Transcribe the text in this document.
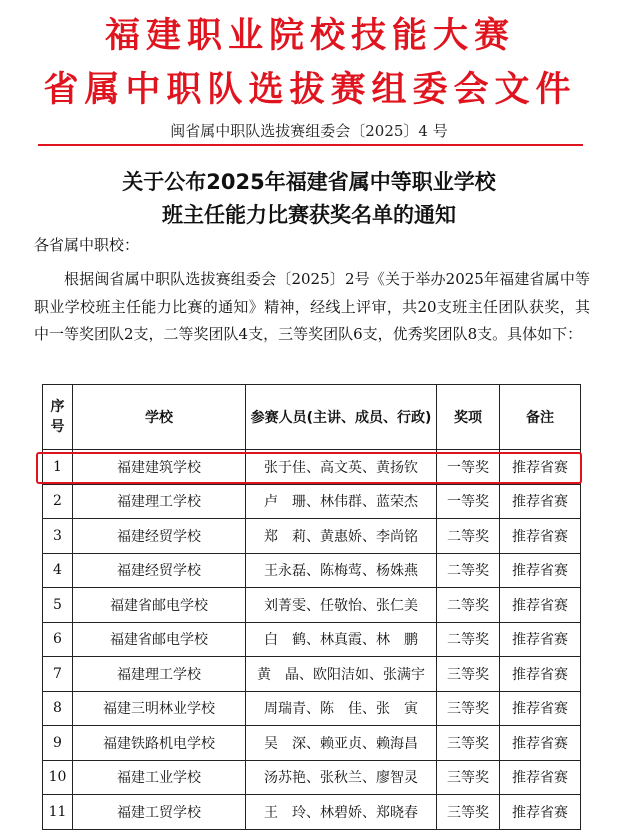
福建职业院校技能大赛
省属中职队选拔赛组委会文件
闽省属中职队选拔赛组委会〔2025〕4 号
关于公布2025年福建省属中等职业学校
班主任能力比赛获奖名单的通知
各省属中职校：
根据闽省属中职队选拔赛组委会〔2025〕2号《关于举办2025年福建省属中等职业学校班主任能力比赛的通知》精神，经线上评审，共20支班主任团队获奖，其中一等奖团队2支，二等奖团队4支，三等奖团队6支，优秀奖团队8支。具体如下：
序号	学校	参赛人员(主讲、成员、行政)	奖项	备注
1	福建建筑学校	张于佳、高文英、黄扬钦	一等奖	推荐省赛
2	福建理工学校	卢　珊、林伟群、蓝荣杰	一等奖	推荐省赛
3	福建经贸学校	郑　莉、黄惠娇、李尚铭	二等奖	推荐省赛
4	福建经贸学校	王永磊、陈梅莺、杨姝燕	二等奖	推荐省赛
5	福建省邮电学校	刘菁雯、任敬怡、张仁美	二等奖	推荐省赛
6	福建省邮电学校	白　鹤、林真霞、林　鹏	二等奖	推荐省赛
7	福建理工学校	黄　晶、欧阳洁如、张满宇	三等奖	推荐省赛
8	福建三明林业学校	周瑞青、陈　佳、张　寅	三等奖	推荐省赛
9	福建铁路机电学校	吴　深、赖亚贞、赖海昌	三等奖	推荐省赛
10	福建工业学校	汤苏艳、张秋兰、廖智灵	三等奖	推荐省赛
11	福建工贸学校	王　玲、林碧娇、郑晓春	三等奖	推荐省赛
